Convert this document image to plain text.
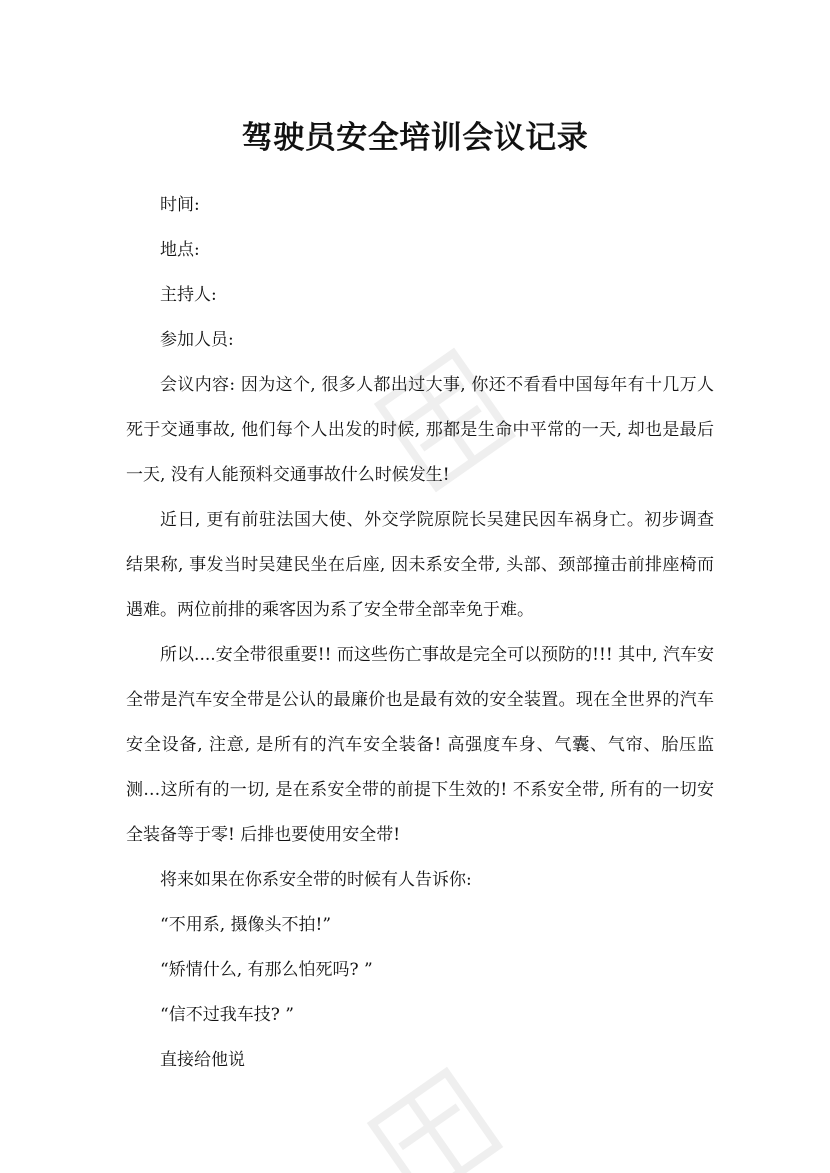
驾驶员安全培训会议记录

时间:

地点:

主持人:

参加人员:

会议内容: 因为这个, 很多人都出过大事, 你还不看看中国每年有十几万人死于交通事故, 他们每个人出发的时候, 那都是生命中平常的一天, 却也是最后一天, 没有人能预料交通事故什么时候发生!

近日, 更有前驻法国大使、外交学院原院长吴建民因车祸身亡。初步调查结果称, 事发当时吴建民坐在后座, 因未系安全带, 头部、颈部撞击前排座椅而遇难。两位前排的乘客因为系了安全带全部幸免于难。

所以....安全带很重要!! 而这些伤亡事故是完全可以预防的!!! 其中, 汽车安全带是汽车安全带是公认的最廉价也是最有效的安全装置。现在全世界的汽车安全设备, 注意, 是所有的汽车安全装备! 高强度车身、气囊、气帘、胎压监测…这所有的一切, 是在系安全带的前提下生效的! 不系安全带, 所有的一切安全装备等于零! 后排也要使用安全带!

将来如果在你系安全带的时候有人告诉你:

“不用系, 摄像头不拍!”

“矫情什么, 有那么怕死吗? ”

“信不过我车技? ”

直接给他说
